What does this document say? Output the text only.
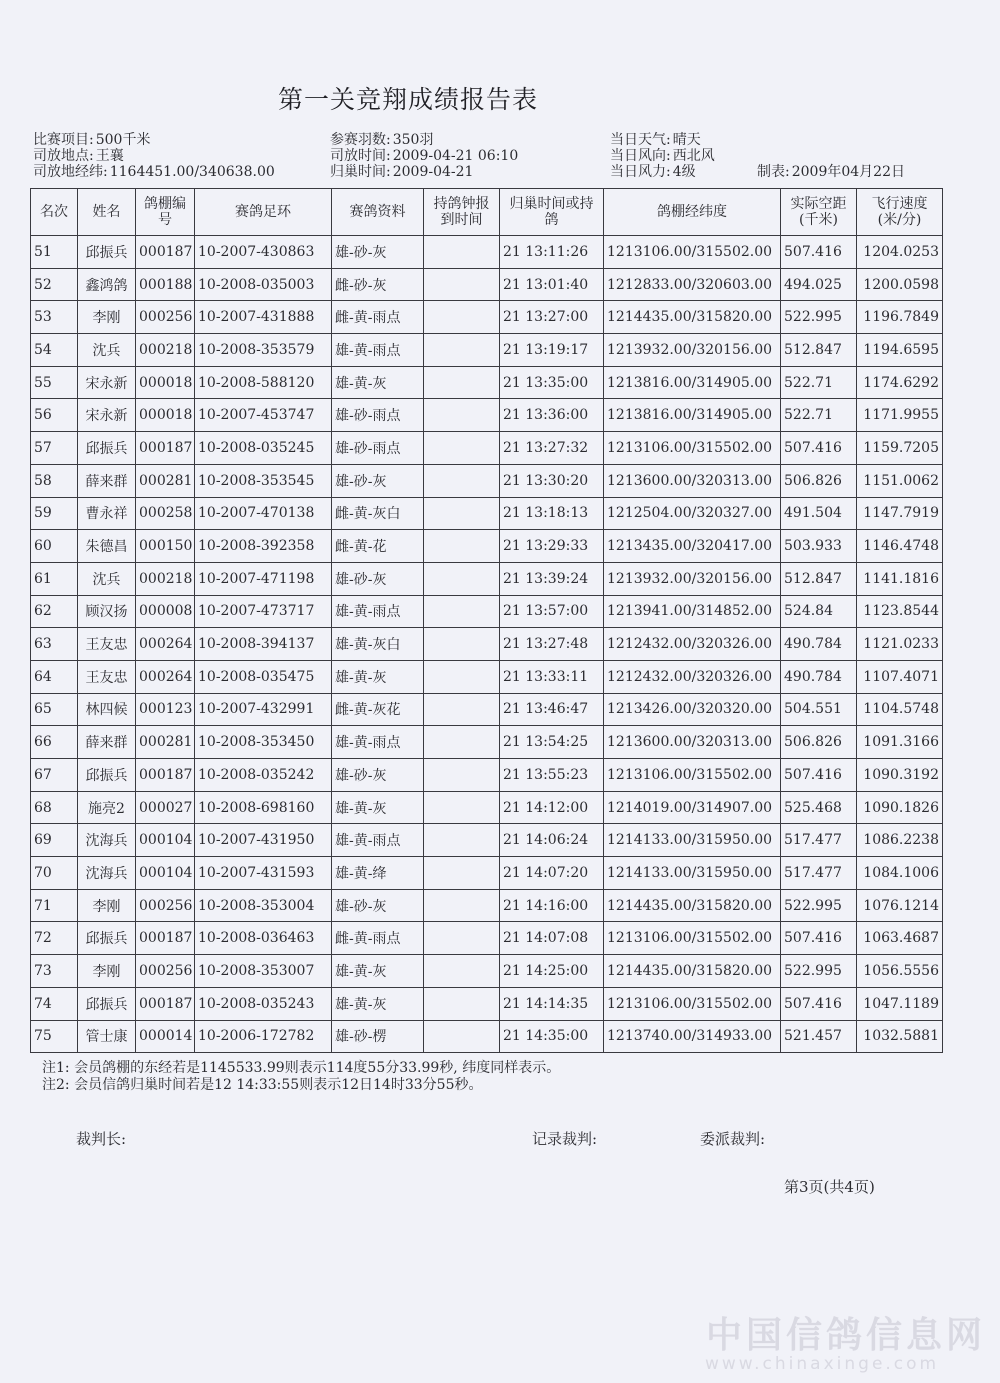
第一关竞翔成绩报告表
比赛项目: 500千米
司放地点: 王襄
司放地经纬: 1164451.00/340638.00
参赛羽数: 350羽
司放时间: 2009-04-21 06:10
归巢时间: 2009-04-21
当日天气: 晴天
当日风向: 西北风
当日风力: 4级	制表: 2009年04月22日
名次	姓名	鸽棚编号	赛鸽足环	赛鸽资料	持鸽钟报到时间	归巢时间或持鸽	鸽棚经纬度	实际空距(千米)	飞行速度(米/分)
51	邱振兵	000187	10-2007-430863	雄-砂-灰		21 13:11:26	1213106.00/315502.00	507.416	1204.0253
52	鑫鸿鸽	000188	10-2008-035003	雌-砂-灰		21 13:01:40	1212833.00/320603.00	494.025	1200.0598
53	李刚	000256	10-2007-431888	雌-黄-雨点		21 13:27:00	1214435.00/315820.00	522.995	1196.7849
54	沈兵	000218	10-2008-353579	雄-黄-雨点		21 13:19:17	1213932.00/320156.00	512.847	1194.6595
55	宋永新	000018	10-2008-588120	雄-黄-灰		21 13:35:00	1213816.00/314905.00	522.71	1174.6292
56	宋永新	000018	10-2007-453747	雄-砂-雨点		21 13:36:00	1213816.00/314905.00	522.71	1171.9955
57	邱振兵	000187	10-2008-035245	雄-砂-雨点		21 13:27:32	1213106.00/315502.00	507.416	1159.7205
58	薛来群	000281	10-2008-353545	雄-砂-灰		21 13:30:20	1213600.00/320313.00	506.826	1151.0062
59	曹永祥	000258	10-2007-470138	雌-黄-灰白		21 13:18:13	1212504.00/320327.00	491.504	1147.7919
60	朱德昌	000150	10-2008-392358	雌-黄-花		21 13:29:33	1213435.00/320417.00	503.933	1146.4748
61	沈兵	000218	10-2007-471198	雄-砂-灰		21 13:39:24	1213932.00/320156.00	512.847	1141.1816
62	顾汉扬	000008	10-2007-473717	雄-黄-雨点		21 13:57:00	1213941.00/314852.00	524.84	1123.8544
63	王友忠	000264	10-2008-394137	雄-黄-灰白		21 13:27:48	1212432.00/320326.00	490.784	1121.0233
64	王友忠	000264	10-2008-035475	雄-黄-灰		21 13:33:11	1212432.00/320326.00	490.784	1107.4071
65	林四候	000123	10-2007-432991	雌-黄-灰花		21 13:46:47	1213426.00/320320.00	504.551	1104.5748
66	薛来群	000281	10-2008-353450	雄-黄-雨点		21 13:54:25	1213600.00/320313.00	506.826	1091.3166
67	邱振兵	000187	10-2008-035242	雄-砂-灰		21 13:55:23	1213106.00/315502.00	507.416	1090.3192
68	施亮2	000027	10-2008-698160	雄-黄-灰		21 14:12:00	1214019.00/314907.00	525.468	1090.1826
69	沈海兵	000104	10-2007-431950	雄-黄-雨点		21 14:06:24	1214133.00/315950.00	517.477	1086.2238
70	沈海兵	000104	10-2007-431593	雄-黄-绛		21 14:07:20	1214133.00/315950.00	517.477	1084.1006
71	李刚	000256	10-2008-353004	雄-砂-灰		21 14:16:00	1214435.00/315820.00	522.995	1076.1214
72	邱振兵	000187	10-2008-036463	雌-黄-雨点		21 14:07:08	1213106.00/315502.00	507.416	1063.4687
73	李刚	000256	10-2008-353007	雄-黄-灰		21 14:25:00	1214435.00/315820.00	522.995	1056.5556
74	邱振兵	000187	10-2008-035243	雄-黄-灰		21 14:14:35	1213106.00/315502.00	507.416	1047.1189
75	管士康	000014	10-2006-172782	雄-砂-楞		21 14:35:00	1213740.00/314933.00	521.457	1032.5881
注1: 会员鸽棚的东经若是1145533.99则表示114度55分33.99秒, 纬度同样表示。
注2: 会员信鸽归巢时间若是12 14:33:55则表示12日14时33分55秒。
裁判长:	记录裁判:	委派裁判:
第3页(共4页)
中国信鸽信息网
www.chinaxinge.com
